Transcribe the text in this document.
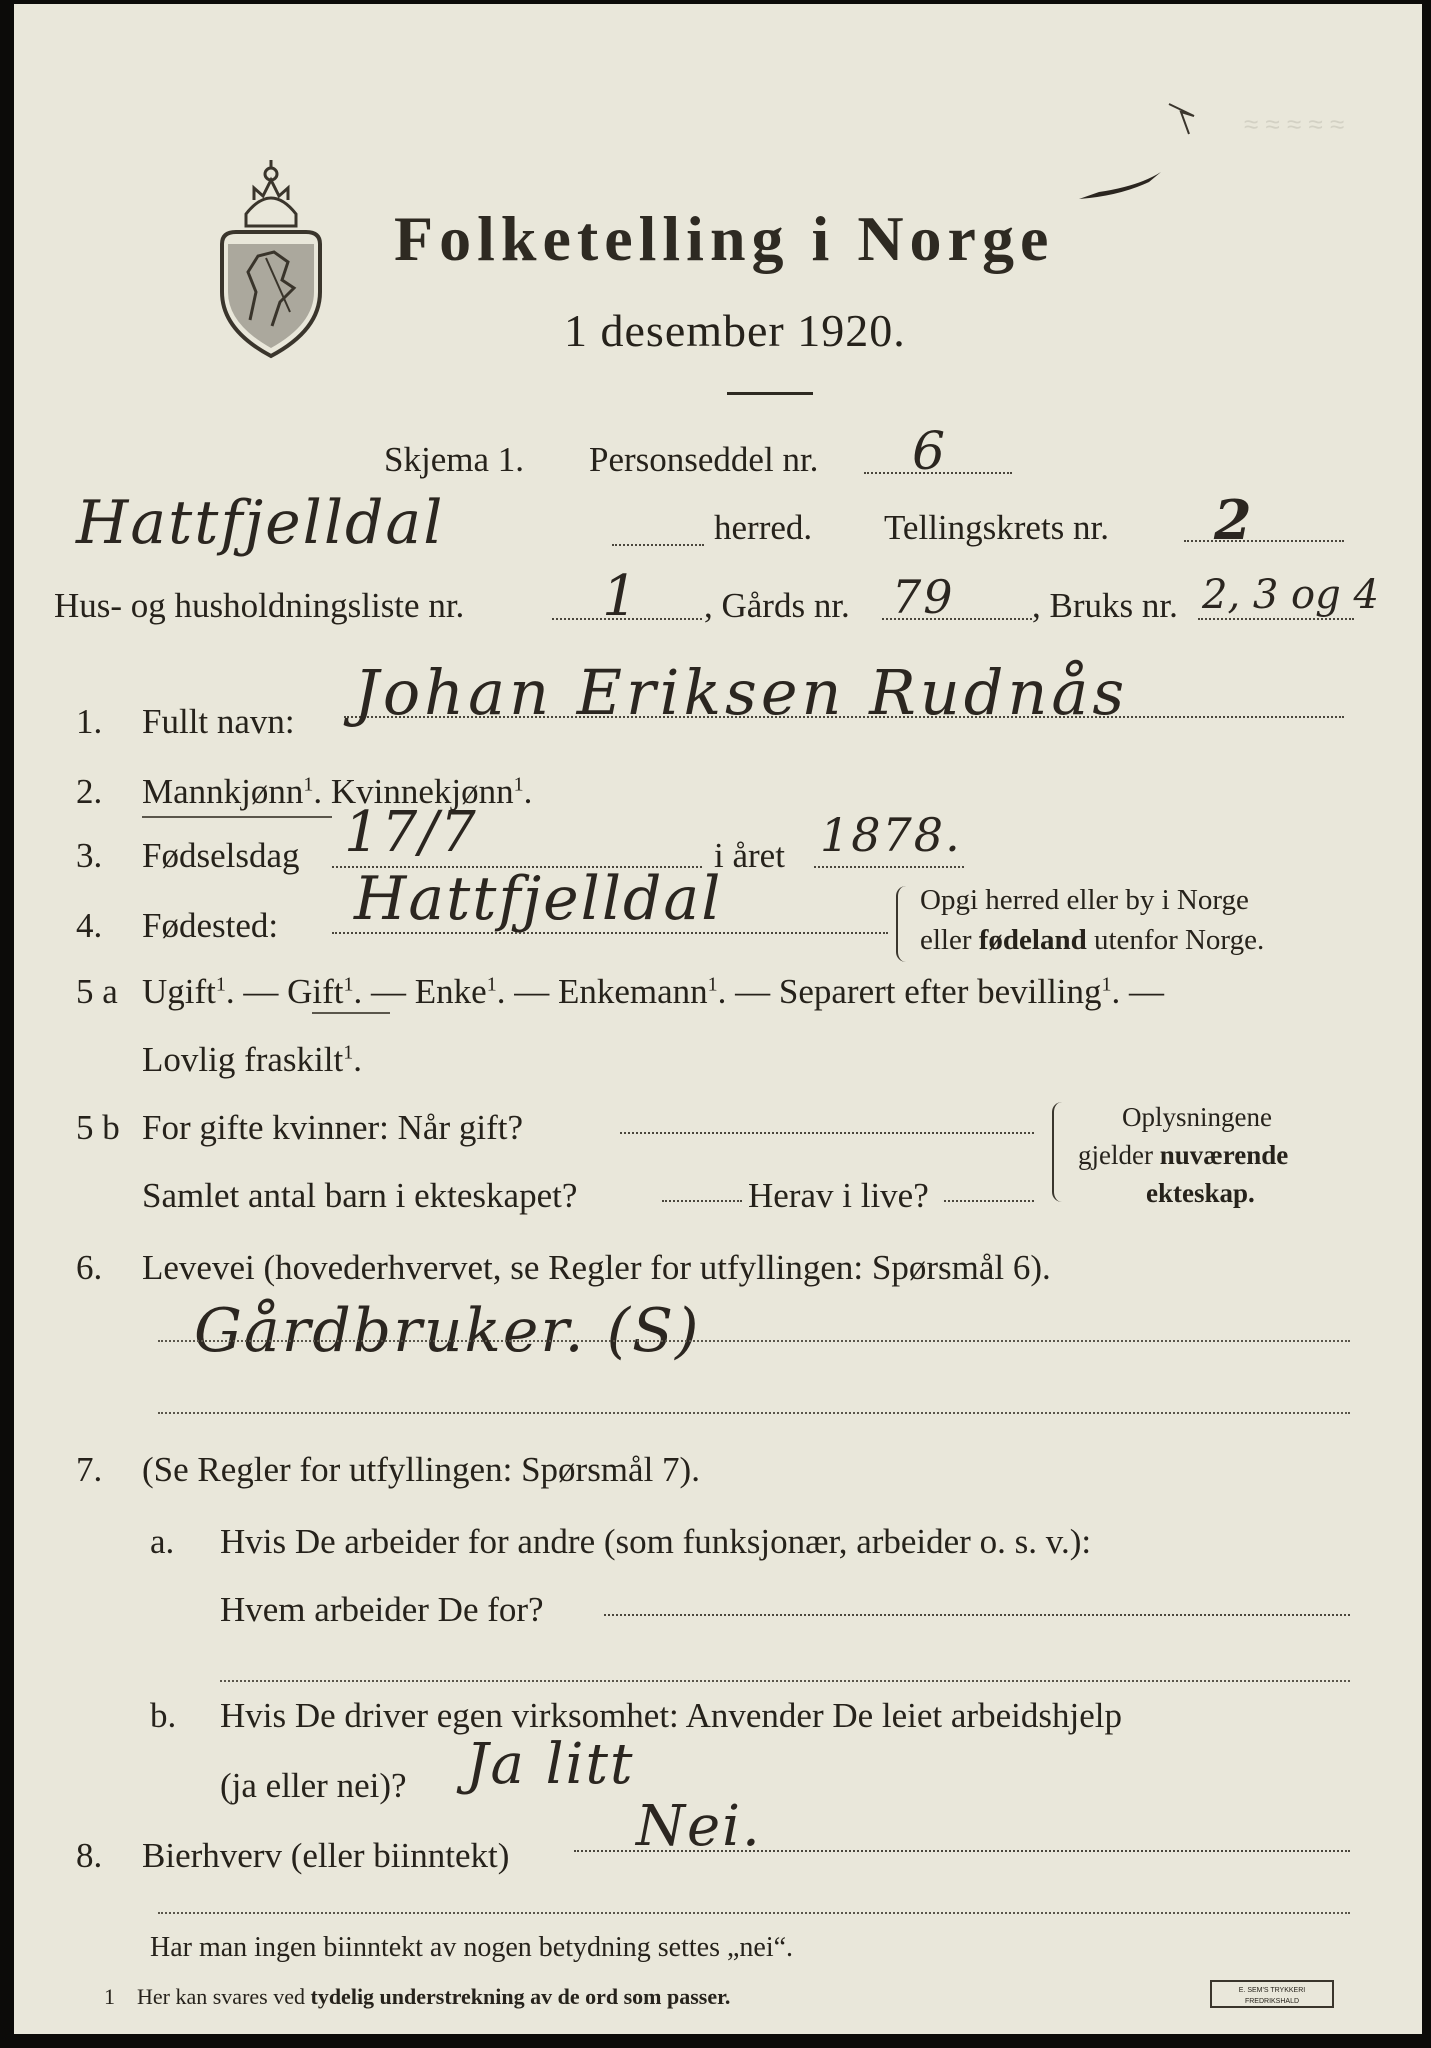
≈ ≈ ≈ ≈ ≈
Folketelling i Norge
1 desember 1920.
Skjema 1. Personseddel nr. 6
Hattfjelldal	herred. Tellingskrets nr. 2
Hus- og husholdningsliste nr. 1 , Gårds nr. 79 , Bruks nr. 2, 3 og 4
1. Fullt navn: Johan Eriksen Rudnås
2. Mannkjønn$^1$. Kvinnekjønn$^1$.
3. Fødselsdag 17/7	i året 1878.
4. Fødested: Hattfjelldal	Opgi herred eller by i Norge
eller fødeland utenfor Norge.
5 a Ugift$^1$. — Gift$^1$. — Enke$^1$. — Enkemann$^1$. — Separert efter bevilling$^1$. —
Lovlig fraskilt$^1$.
5 b For gifte kvinner: Når gift?
Samlet antal barn i ekteskapet?	Herav i live?
Oplysningene
gjelder nuværende
ekteskap.
6. Levevei (hovederhvervet, se Regler for utfyllingen: Spørsmål 6).
Gårdbruker. (S)
7. (Se Regler for utfyllingen: Spørsmål 7).
a. Hvis De arbeider for andre (som funksjonær, arbeider o. s. v.):
Hvem arbeider De for?
b. Hvis De driver egen virksomhet: Anvender De leiet arbeidshjelp
(ja eller nei)? Ja litt
8. Bierhverv (eller biinntekt) Nei.
Har man ingen biinntekt av nogen betydning settes „nei“.
1 Her kan svares ved tydelig understrekning av de ord som passer.	E. SEM'S TRYKKERI
FREDRIKSHALD
